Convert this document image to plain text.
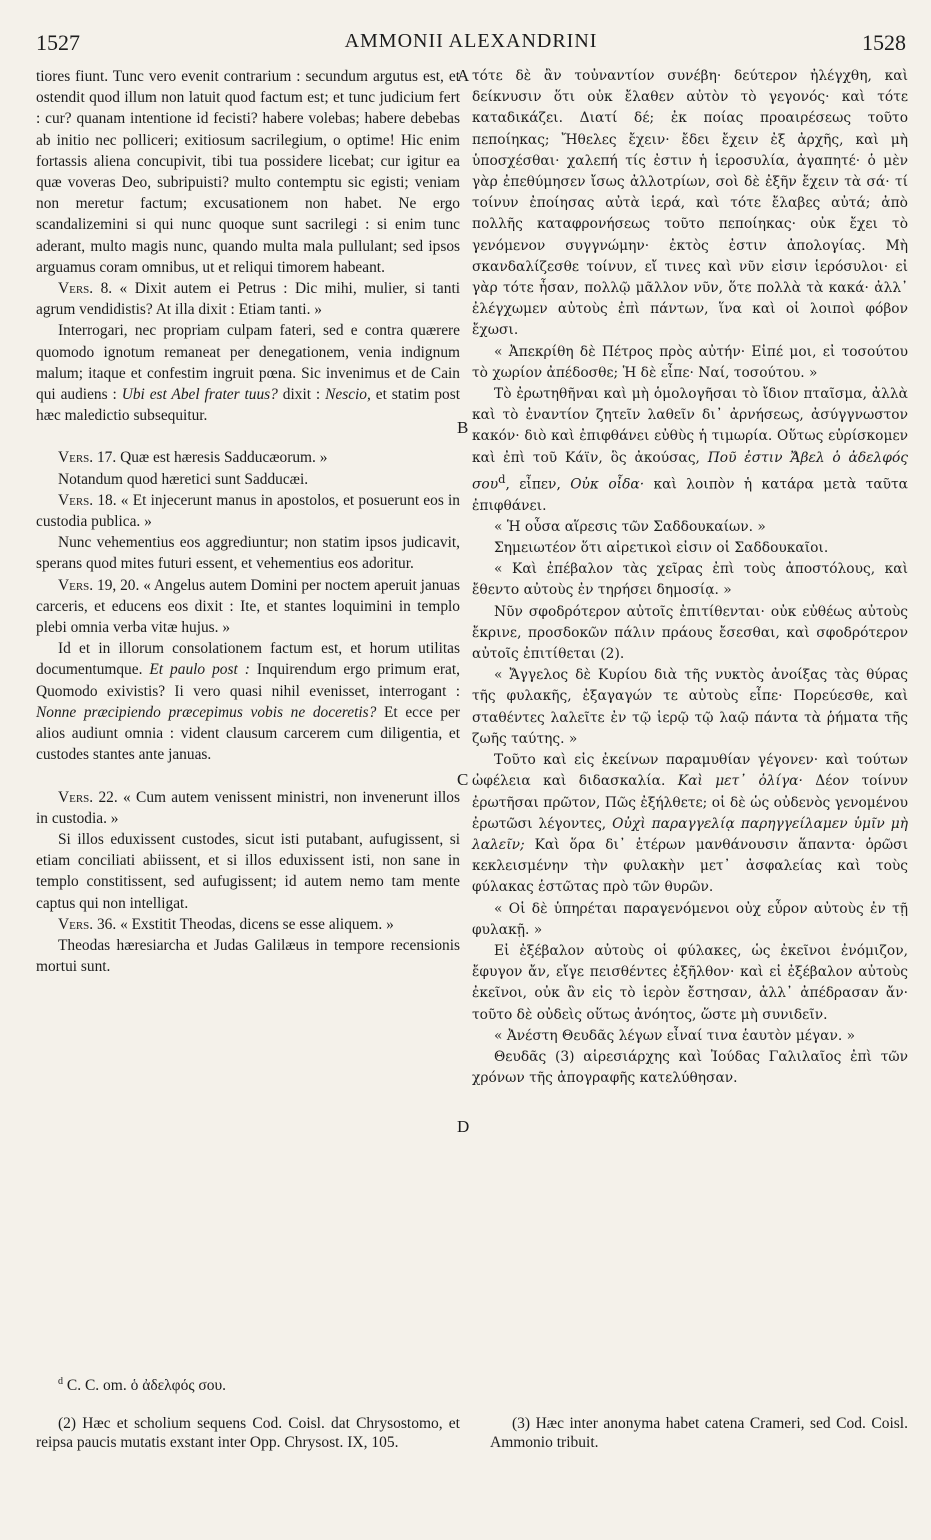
AMMONII ALEXANDRINI
1527	1528

tiores fiunt. Tunc vero evenit contrarium : secundum argutus est, et ostendit quod illum non latuit quod factum est; et tunc judicium fert : cur? quanam intentione id fecisti? habere volebas; habere debebas ab initio nec polliceri; exitiosum sacrilegium, o optime! Hic enim fortassis aliena concupivit, tibi tua possidere licebat; cur igitur ea quæ voveras Deo, subripuisti? multo contemptu sic egisti; veniam non meretur factum; excusationem non habet. Ne ergo scandalizemini si qui nunc quoque sunt sacrilegi : si enim tunc aderant, multo magis nunc, quando multa mala pullulant; sed ipsos arguamus coram omnibus, ut et reliqui timorem habeant.

Vers. 8. « Dixit autem ei Petrus : Dic mihi, mulier, si tanti agrum vendidistis? At illa dixit : Etiam tanti. »

Interrogari, nec propriam culpam fateri, sed e contra quærere quomodo ignotum remaneat per denegationem, venia indignum malum; itaque et confestim ingruit pœna. Sic invenimus et de Cain qui audiens : Ubi est Abel frater tuus? dixit : Nescio, et statim post hæc maledictio subsequitur.

Vers. 17. Quæ est hæresis Sadducæorum. »

Notandum quod hæretici sunt Sadducæi.

Vers. 18. « Et injecerunt manus in apostolos, et posuerunt eos in custodia publica. »

Nunc vehementius eos aggrediuntur; non statim ipsos judicavit, sperans quod mites futuri essent, et vehementius eos adoritur.

Vers. 19, 20. « Angelus autem Domini per noctem aperuit januas carceris, et educens eos dixit : Ite, et stantes loquimini in templo plebi omnia verba vitæ hujus. »

Id et in illorum consolationem factum est, et horum utilitas documentumque. Et paulo post : Inquirendum ergo primum erat, Quomodo exivistis? Ii vero quasi nihil evenisset, interrogant : Nonne præcipiendo præcepimus vobis ne doceretis? Et ecce per alios audiunt omnia : vident clausum carcerem cum diligentia, et custodes stantes ante januas.

Vers. 22. « Cum autem venissent ministri, non invenerunt illos in custodia. »

Si illos eduxissent custodes, sicut isti putabant, aufugissent, si etiam conciliati abiissent, et si illos eduxissent isti, non sane in templo constitissent, sed aufugissent; id autem nemo tam mente captus qui non intelligat.

Vers. 36. « Exstitit Theodas, dicens se esse aliquem. »

Theodas hæresiarcha et Judas Galilæus in tempore recensionis mortui sunt.

A
B
C
D

τότε δὲ ἂν τοὐναντίον συνέβη· δεύτερον ἠλέγχθη, καὶ δείκνυσιν ὅτι οὐκ ἔλαθεν αὐτὸν τὸ γεγονός· καὶ τότε καταδικάζει. Διατί δέ; ἐκ ποίας προαιρέσεως τοῦτο πεποίηκας; Ἤθελες ἔχειν· ἔδει ἔχειν ἐξ ἀρχῆς, καὶ μὴ ὑποσχέσθαι· χαλεπή τίς ἐστιν ἡ ἱεροσυλία, ἀγαπητέ· ὁ μὲν γὰρ ἐπεθύμησεν ἴσως ἀλλοτρίων, σοὶ δὲ ἐξῆν ἔχειν τὰ σά· τί τοίνυν ἐποίησας αὐτὰ ἱερά, καὶ τότε ἔλαβες αὐτά; ἀπὸ πολλῆς καταφρονήσεως τοῦτο πεποίηκας· οὐκ ἔχει τὸ γενόμενον συγγνώμην· ἐκτὸς ἐστιν ἀπολογίας. Μὴ σκανδαλίζεσθε τοίνυν, εἴ τινες καὶ νῦν εἰσιν ἱερόσυλοι· εἰ γὰρ τότε ἦσαν, πολλῷ μᾶλλον νῦν, ὅτε πολλὰ τὰ κακά· ἀλλ᾽ ἐλέγχωμεν αὐτοὺς ἐπὶ πάντων, ἵνα καὶ οἱ λοιποὶ φόβον ἔχωσι.

« Ἀπεκρίθη δὲ Πέτρος πρὸς αὐτήν· Εἰπέ μοι, εἰ τοσούτου τὸ χωρίον ἀπέδοσθε; Ἡ δὲ εἶπε· Ναί, τοσούτου. »

Τὸ ἐρωτηθῆναι καὶ μὴ ὁμολογῆσαι τὸ ἴδιον πταῖσμα, ἀλλὰ καὶ τὸ ἐναντίον ζητεῖν λαθεῖν δι᾽ ἀρνήσεως, ἀσύγγνωστον κακόν· διὸ καὶ ἐπιφθάνει εὐθὺς ἡ τιμωρία. Οὕτως εὑρίσκομεν καὶ ἐπὶ τοῦ Κάϊν, ὃς ἀκούσας, Ποῦ ἐστιν Ἄβελ ὁ ἀδελφός σου$^d$, εἶπεν, Οὐκ οἶδα· καὶ λοιπὸν ἡ κατάρα μετὰ ταῦτα ἐπιφθάνει.

« Ἡ οὖσα αἵρεσις τῶν Σαδδουκαίων. »

Σημειωτέον ὅτι αἱρετικοὶ εἰσιν οἱ Σαδδουκαῖοι.

« Καὶ ἐπέβαλον τὰς χεῖρας ἐπὶ τοὺς ἀποστόλους, καὶ ἔθεντο αὐτοὺς ἐν τηρήσει δημοσίᾳ. »

Νῦν σφοδρότερον αὐτοῖς ἐπιτίθενται· οὐκ εὐθέως αὐτοὺς ἔκρινε, προσδοκῶν πάλιν πράους ἔσεσθαι, καὶ σφοδρότερον αὐτοῖς ἐπιτίθεται (2).

« Ἄγγελος δὲ Κυρίου διὰ τῆς νυκτὸς ἀνοίξας τὰς θύρας τῆς φυλακῆς, ἐξαγαγών τε αὐτοὺς εἶπε· Πορεύεσθε, καὶ σταθέντες λαλεῖτε ἐν τῷ ἱερῷ τῷ λαῷ πάντα τὰ ῥήματα τῆς ζωῆς ταύτης. »

Τοῦτο καὶ εἰς ἐκείνων παραμυθίαν γέγονεν· καὶ τούτων ὠφέλεια καὶ διδασκαλία. Καὶ μετ᾽ ὀλίγα· Δέον τοίνυν ἐρωτῆσαι πρῶτον, Πῶς ἐξήλθετε; οἱ δὲ ὡς οὐδενὸς γενομένου ἐρωτῶσι λέγοντες, Οὐχὶ παραγγελίᾳ παρηγγείλαμεν ὑμῖν μὴ λαλεῖν; Καὶ ὅρα δι᾽ ἑτέρων μανθάνουσιν ἅπαντα· ὁρῶσι κεκλεισμένην τὴν φυλακὴν μετ᾽ ἀσφαλείας καὶ τοὺς φύλακας ἑστῶτας πρὸ τῶν θυρῶν.

« Οἱ δὲ ὑπηρέται παραγενόμενοι οὐχ εὗρον αὐτοὺς ἐν τῇ φυλακῇ. »

Εἰ ἐξέβαλον αὐτοὺς οἱ φύλακες, ὡς ἐκεῖνοι ἐνόμιζον, ἔφυγον ἄν, εἴγε πεισθέντες ἐξῆλθον· καὶ εἰ ἐξέβαλον αὐτοὺς ἐκεῖνοι, οὐκ ἂν εἰς τὸ ἱερὸν ἔστησαν, ἀλλ᾽ ἀπέδρασαν ἄν· τοῦτο δὲ οὐδεὶς οὕτως ἀνόητος, ὥστε μὴ συνιδεῖν.

« Ἀνέστη Θευδᾶς λέγων εἶναί τινα ἑαυτὸν μέγαν. »

Θευδᾶς (3) αἱρεσιάρχης καὶ Ἰούδας Γαλιλαῖος ἐπὶ τῶν χρόνων τῆς ἀπογραφῆς κατελύθησαν.

$^d$ C. C. om. ὁ ἀδελφός σου.
(2) Hæc et scholium sequens Cod. Coisl. dat Chrysostomo, et reipsa paucis mutatis exstant inter Opp. Chrysost. IX, 105.
(3) Hæc inter anonyma habet catena Crameri, sed Cod. Coisl. Ammonio tribuit.
